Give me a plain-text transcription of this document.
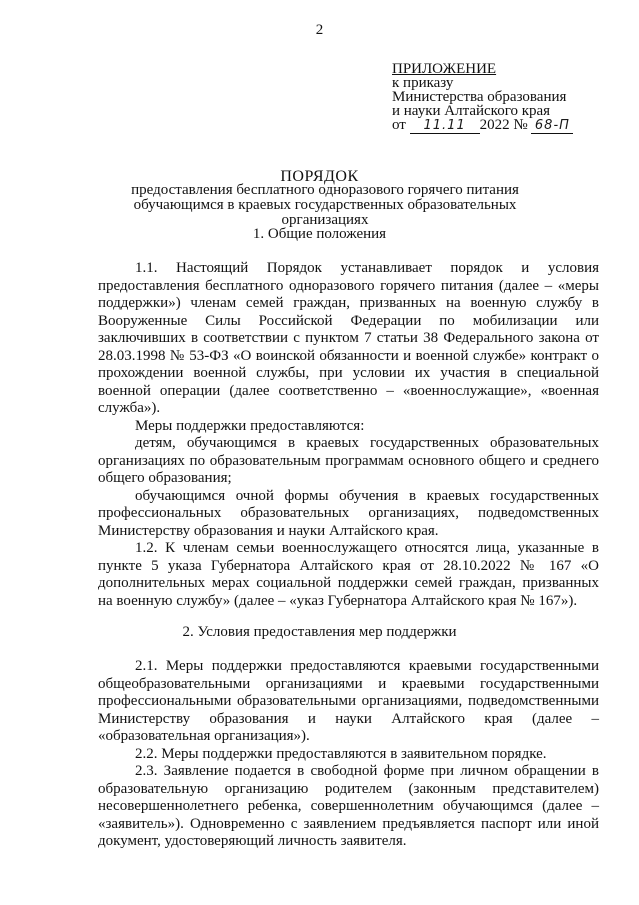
2
ПРИЛОЖЕНИЕ
к приказу
Министерства образования
и науки Алтайского края
от 11.11 2022 № 68-П
ПОРЯДОК
предоставления бесплатного одноразового горячего питания обучающимся в краевых государственных образовательных организациях
1. Общие положения

1.1. Настоящий Порядок устанавливает порядок и условия предоставления бесплатного одноразового горячего питания (далее – «меры поддержки») членам семей граждан, призванных на военную службу в Вооруженные Силы Российской Федерации по мобилизации или заключивших в соответствии с пунктом 7 статьи 38 Федерального закона от 28.03.1998 № 53-ФЗ «О воинской обязанности и военной службе» контракт о прохождении военной службы, при условии их участия в специальной военной операции (далее соответственно – «военнослужащие», «военная служба»).

Меры поддержки предоставляются:

детям, обучающимся в краевых государственных образовательных организациях по образовательным программам основного общего и среднего общего образования;

обучающимся очной формы обучения в краевых государственных профессиональных образовательных организациях, подведомственных Министерству образования и науки Алтайского края.

1.2. К членам семьи военнослужащего относятся лица, указанные в пункте 5 указа Губернатора Алтайского края от 28.10.2022 № 167 «О дополнительных мерах социальной поддержки семей граждан, призванных на военную службу» (далее – «указ Губернатора Алтайского края № 167»).

2. Условия предоставления мер поддержки

2.1. Меры поддержки предоставляются краевыми государственными общеобразовательными организациями и краевыми государственными профессиональными образовательными организациями, подведомственными Министерству образования и науки Алтайского края (далее – «образовательная организация»).

2.2. Меры поддержки предоставляются в заявительном порядке.

2.3. Заявление подается в свободной форме при личном обращении в образовательную организацию родителем (законным представителем) несовершеннолетнего ребенка, совершеннолетним обучающимся (далее – «заявитель»). Одновременно с заявлением предъявляется паспорт или иной документ, удостоверяющий личность заявителя.
